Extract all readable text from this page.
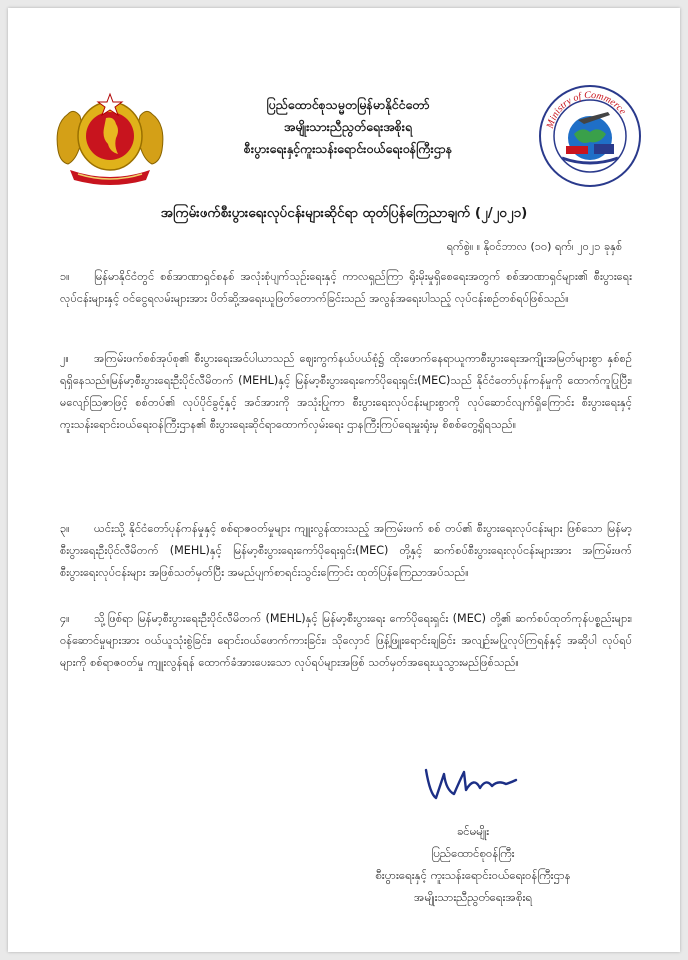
ပြည်ထောင်စုသမ္မတမြန်မာနိုင်ငံတော်
အမျိုးသားညီညွတ်ရေးအစိုးရ
စီးပွားရေးနှင့်ကူးသန်းရောင်းဝယ်ရေးဝန်ကြီးဌာန
Ministry of Commerce
အကြမ်းဖက်စီးပွားရေးလုပ်ငန်းများဆိုင်ရာ ထုတ်ပြန်ကြေညာချက် (၂/၂၀၂၁)
ရက်စွဲ။ ။ နိုဝင်ဘာလ (၁၀) ရက်၊ ၂၀၂၁ ခုနှစ်
၁။ မြန်မာနိုင်ငံတွင် စစ်အာဏာရှင်စနစ် အလုံးစုံပျက်သုဉ်းရေးနှင့် ကာလရှည်ကြာ ရိုးမိုးမှုရှိစေရေးအတွက် စစ်အာဏာရှင်များ၏ စီးပွားရေးလုပ်ငန်းများနှင့် ဝင်ငွေရလမ်းများအား ပိတ်ဆို့အရေးယူဖြတ်တောက်ခြင်းသည် အလွန်အရေးပါသည့် လုပ်ငန်းစဉ်တစ်ရပ်ဖြစ်သည်။
၂။ အကြမ်းဖက်စစ်အုပ်စု၏ စီးပွားရေးအင်ပါယာသည် ဈေးကွက်နယ်ပယ်စုံ၌ ထိုးဖောက်နေရာယူကာစီးပွားရေးအကျိုးအမြတ်များစွာ နှစ်စဉ်ရရှိနေသည်။မြန်မာ့စီးပွားရေးဦးပိုင်လီမိတက် (MEHL)နှင့် မြန်မာ့စီးပွားရေးကော်ပိုရေးရှင်း(MEC)သည် နိုင်ငံတော်ပုန်ကန်မှုကို ထောက်ကူပြုပြီး၊ မလျော်သြဇာဖြင့် စစ်တပ်၏ လုပ်ပိုင်ခွင့်နှင့် အင်အားကို အသုံးပြုကာ စီးပွားရေးလုပ်ငန်းများစွာကို လုပ်ဆောင်လျက်ရှိကြောင်း စီးပွားရေးနှင့်ကူးသန်းရောင်းဝယ်ရေးဝန်ကြီးဌာန၏ စီးပွားရေးဆိုင်ရာထောက်လှမ်းရေး ဌာနကြီးကြပ်ရေးမှူးရုံးမှ စိစစ်တွေ့ရှိရသည်။
၃။ ယင်းသို့ နိုင်ငံတော်ပုန်ကန်မှုနှင့် စစ်ရာဇဝတ်မှုများ ကျူးလွန်ထားသည့် အကြမ်းဖက် စစ် တပ်၏ စီးပွားရေးလုပ်ငန်းများ ဖြစ်သော မြန်မာ့စီးပွားရေးဦးပိုင်လီမိတက် (MEHL)နှင့် မြန်မာ့စီးပွားရေးကော်ပိုရေးရှင်း(MEC) တို့နှင့် ဆက်စပ်စီးပွားရေးလုပ်ငန်းများအား အကြမ်းဖက် စီးပွားရေးလုပ်ငန်းများ အဖြစ်သတ်မှတ်ပြီး အမည်ပျက်စာရင်းသွင်းကြောင်း ထုတ်ပြန်ကြေညာအပ်သည်။
၄။ သို့ဖြစ်ရာ မြန်မာ့စီးပွားရေးဦးပိုင်လီမိတက် (MEHL)နှင့် မြန်မာ့စီးပွားရေး ကော်ပိုရေးရှင်း (MEC) တို့၏ ဆက်စပ်ထုတ်ကုန်ပစ္စည်းများ၊ ဝန်ဆောင်မှုများအား ဝယ်ယူသုံးစွဲခြင်း၊ ရောင်းဝယ်ဖောက်ကားခြင်း၊ သိုလှောင် ဖြန့်ဖြူးရောင်းချခြင်း အလျဉ်းမပြုလုပ်ကြရန်နှင့် အဆိုပါ လုပ်ရပ်များကို စစ်ရာဇဝတ်မှု ကျူးလွန်ရန် ထောက်ခံအားပေးသော လုပ်ရပ်များအဖြစ် သတ်မှတ်အရေးယူသွားမည်ဖြစ်သည်။
ခင်မမျိုး
ပြည်ထောင်စုဝန်ကြီး
စီးပွားရေးနှင့် ကူးသန်းရောင်းဝယ်ရေးဝန်ကြီးဌာန
အမျိုးသားညီညွတ်ရေးအစိုးရ
